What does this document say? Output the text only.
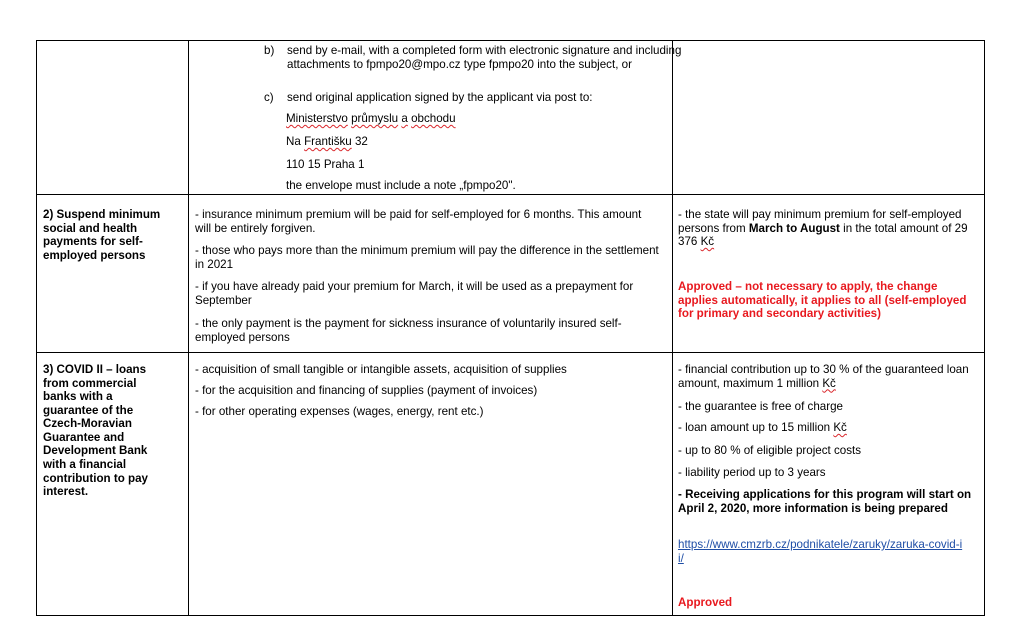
b) send by e-mail, with a completed form with electronic signature and including attachments to fpmpo20@mpo.cz type fpmpo20 into the subject, or
c) send original application signed by the applicant via post to:
Ministerstvo průmyslu a obchodu
Na Františku 32
110 15 Praha 1
the envelope must include a note „fpmpo20".
2) Suspend minimum social and health payments for self-employed persons
- insurance minimum premium will be paid for self-employed for 6 months. This amount will be entirely forgiven.
- those who pays more than the minimum premium will pay the difference in the settlement in 2021
- if you have already paid your premium for March, it will be used as a prepayment for September
- the only payment is the payment for sickness insurance of voluntarily insured self-employed persons
- the state will pay minimum premium for self-employed persons from March to August in the total amount of 29 376 Kč
Approved – not necessary to apply, the change applies automatically, it applies to all (self-employed for primary and secondary activities)
3) COVID II – loans from commercial banks with a guarantee of the Czech-Moravian Guarantee and Development Bank with a financial contribution to pay interest.
- acquisition of small tangible or intangible assets, acquisition of supplies
- for the acquisition and financing of supplies (payment of invoices)
- for other operating expenses (wages, energy, rent etc.)
- financial contribution up to 30 % of the guaranteed loan amount, maximum 1 million Kč
- the guarantee is free of charge
- loan amount up to 15 million Kč
- up to 80 % of eligible project costs
- liability period up to 3 years
- Receiving applications for this program will start on April 2, 2020, more information is being prepared
https://www.cmzrb.cz/podnikatele/zaruky/zaruka-covid-ii/
Approved
